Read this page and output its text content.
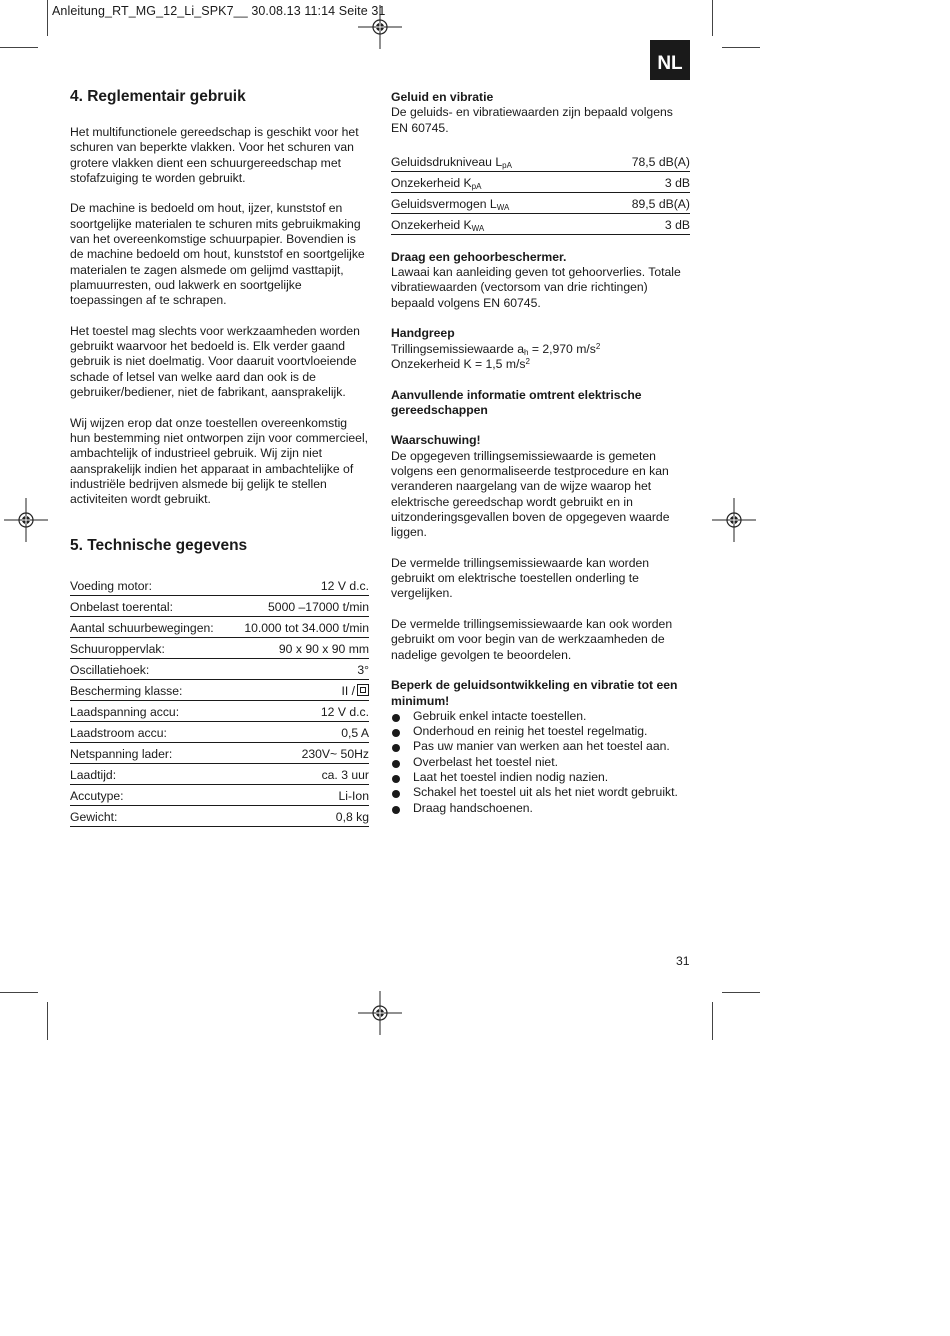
Anleitung_RT_MG_12_Li_SPK7__ 30.08.13 11:14 Seite 31
NL
4. Reglementair gebruik

Het multifunctionele gereedschap is geschikt voor het schuren van beperkte vlakken. Voor het schuren van grotere vlakken dient een schuurgereedschap met stofafzuiging te worden gebruikt.

De machine is bedoeld om hout, ijzer, kunststof en soortgelijke materialen te schuren mits gebruikmaking van het overeenkomstige schuurpapier. Bovendien is de machine bedoeld om hout, kunststof en soortgelijke materialen te zagen alsmede om gelijmd vasttapijt, plamuurresten, oud lakwerk en soortgelijke toepassingen af te schrapen.

Het toestel mag slechts voor werkzaamheden worden gebruikt waarvoor het bedoeld is. Elk verder gaand gebruik is niet doelmatig. Voor daaruit voortvloeiende schade of letsel van welke aard dan ook is de gebruiker/bediener, niet de fabrikant, aansprakelijk.

Wij wijzen erop dat onze toestellen overeenkomstig hun bestemming niet ontworpen zijn voor commercieel, ambachtelijk of industrieel gebruik. Wij zijn niet aansprakelijk indien het apparaat in ambachtelijke of industriële bedrijven alsmede bij gelijk te stellen activiteiten wordt gebruikt.

5. Technische gegevens
Voeding motor:	12 V d.c.
Onbelast toerental:	5000 –17000 t/min
Aantal schuurbewegingen:	10.000 tot 34.000 t/min
Schuuroppervlak:	90 x 90 x 90 mm
Oscillatiehoek:	3°
Bescherming klasse:	II /
Laadspanning accu:	12 V d.c.
Laadstroom accu:	0,5 A
Netspanning lader:	230V~ 50Hz
Laadtijd:	ca. 3 uur
Accutype:	Li-Ion
Gewicht:	0,8 kg

Geluid en vibratie

De geluids- en vibratiewaarden zijn bepaald volgens EN 60745.

Geluidsdrukniveau $L_{pA}$	78,5 dB(A)
Onzekerheid $K_{pA}$	3 dB
Geluidsvermogen $L_{WA}$	89,5 dB(A)
Onzekerheid $K_{WA}$	3 dB

Draag een gehoorbeschermer.

Lawaai kan aanleiding geven tot gehoorverlies. Totale vibratiewaarden (vectorsom van drie richtingen) bepaald volgens EN 60745.

Handgreep

Trillingsemissiewaarde $a_h = 2,970$ $m/s^2$

Onzekerheid K = 1,5 $m/s^2$

Aanvullende informatie omtrent elektrische gereedschappen

Waarschuwing!

De opgegeven trillingsemissiewaarde is gemeten volgens een genormaliseerde testprocedure en kan veranderen naargelang van de wijze waarop het elektrische gereedschap wordt gebruikt en in uitzonderingsgevallen boven de opgegeven waarde liggen.

De vermelde trillingsemissiewaarde kan worden gebruikt om elektrische toestellen onderling te vergelijken.

De vermelde trillingsemissiewaarde kan ook worden gebruikt om voor begin van de werkzaamheden de nadelige gevolgen te beoordelen.

Beperk de geluidsontwikkeling en vibratie tot een minimum!

Gebruik enkel intacte toestellen.
Onderhoud en reinig het toestel regelmatig.
Pas uw manier van werken aan het toestel aan.
Overbelast het toestel niet.
Laat het toestel indien nodig nazien.
Schakel het toestel uit als het niet wordt gebruikt.
Draag handschoenen.
31
